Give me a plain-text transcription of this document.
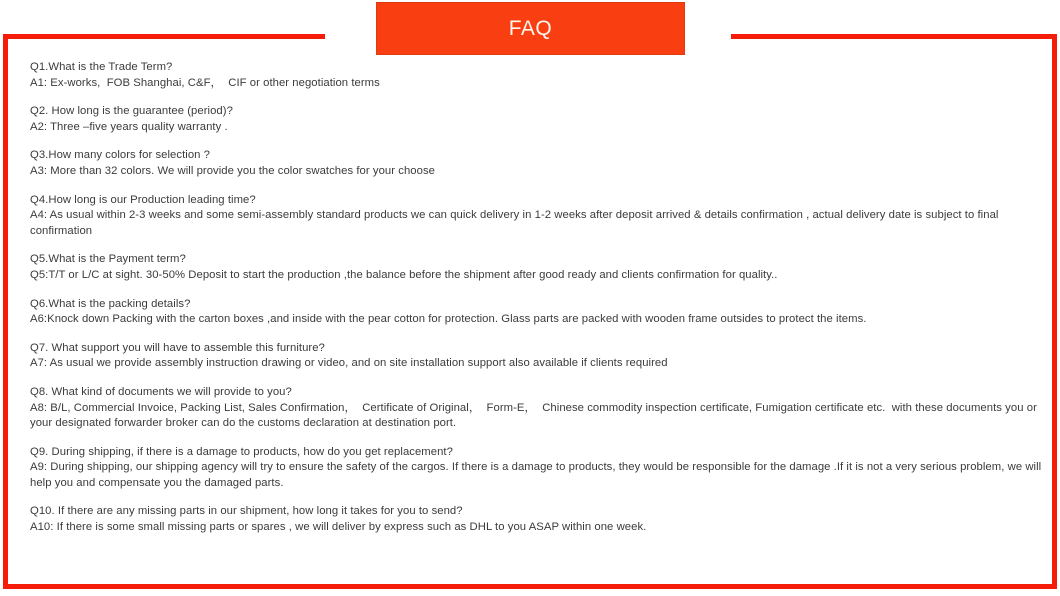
FAQ
Q1.What is the Trade Term?
A1: Ex-works,  FOB Shanghai, C&F，  CIF or other negotiation terms
Q2. How long is the guarantee (period)?
A2: Three –five years quality warranty .
Q3.How many colors for selection ?
A3: More than 32 colors. We will provide you the color swatches for your choose
Q4.How long is our Production leading time?
A4: As usual within 2-3 weeks and some semi-assembly standard products we can quick delivery in 1-2 weeks after deposit arrived & details confirmation , actual delivery date is subject to final confirmation
Q5.What is the Payment term?
Q5:T/T or L/C at sight. 30-50% Deposit to start the production ,the balance before the shipment after good ready and clients confirmation for quality..
Q6.What is the packing details?
A6:Knock down Packing with the carton boxes ,and inside with the pear cotton for protection. Glass parts are packed with wooden frame outsides to protect the items.
Q7. What support you will have to assemble this furniture?
A7: As usual we provide assembly instruction drawing or video, and on site installation support also available if clients required
Q8. What kind of documents we will provide to you?
A8: B/L, Commercial Invoice, Packing List, Sales Confirmation，  Certificate of Original，  Form-E，  Chinese commodity inspection certificate, Fumigation certificate etc.  with these documents you or your designated forwarder broker can do the customs declaration at destination port.
Q9. During shipping, if there is a damage to products, how do you get replacement?
A9: During shipping, our shipping agency will try to ensure the safety of the cargos. If there is a damage to products, they would be responsible for the damage .If it is not a very serious problem, we will help you and compensate you the damaged parts.
Q10. If there are any missing parts in our shipment, how long it takes for you to send?
A10: If there is some small missing parts or spares , we will deliver by express such as DHL to you ASAP within one week.
